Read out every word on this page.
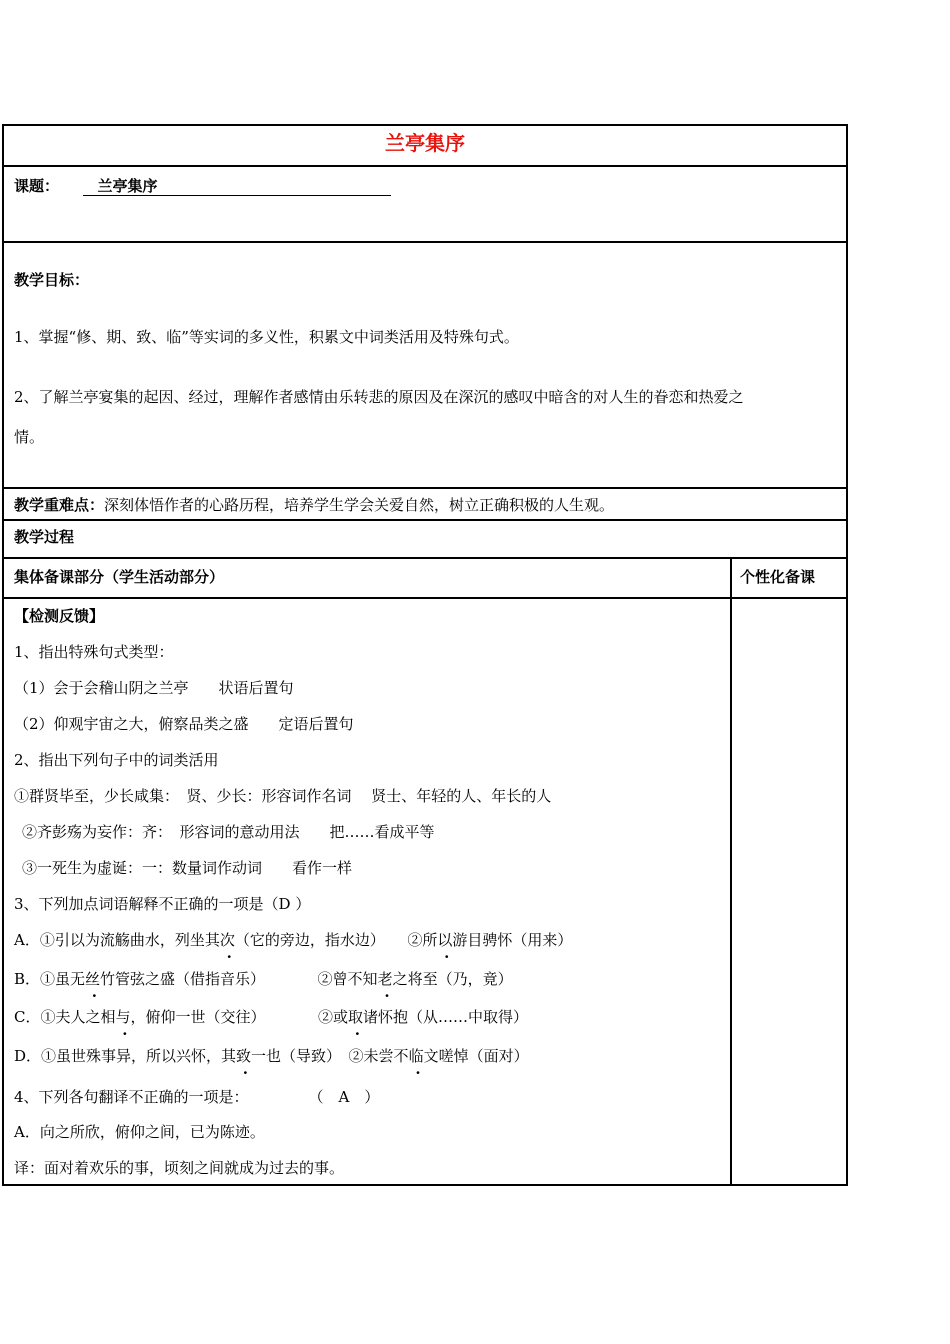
兰亭集序
课题：	兰亭集序
教学目标：
1、掌握“修、期、致、临”等实词的多义性，积累文中词类活用及特殊句式。
2、了解兰亭宴集的起因、经过，理解作者感情由乐转悲的原因及在深沉的感叹中暗含的对人生的眷恋和热爱之
情。
教学重难点：深刻体悟作者的心路历程，培养学生学会关爱自然，树立正确积极的人生观。
教学过程
集体备课部分（学生活动部分）	个性化备课
【检测反馈】
1、指出特殊句式类型：
（1）会于会稽山阴之兰亭　　状语后置句
（2）仰观宇宙之大，俯察品类之盛　　定语后置句
2、指出下列句子中的词类活用
①群贤毕至，少长咸集：　贤、少长：形容词作名词　 贤士、年轻的人、年长的人
②齐彭殇为妄作：齐：　形容词的意动用法　　把……看成平等
③一死生为虚诞：一：数量词作动词　　看作一样
3、下列加点词语解释不正确的一项是（D ）
A．①引以为流觞曲水，列坐其次（它的旁边，指水边）　　②所以游目骋怀（用来）
B．①虽无丝竹管弦之盛（借指音乐）　　　　②曾不知老之将至（乃，竟）
C．①夫人之相与，俯仰一世（交往）　　　　②或取诸怀抱（从……中取得）
D．①虽世殊事异，所以兴怀，其致一也（导致）　②未尝不临文嗟悼（面对）
4、下列各句翻译不正确的一项是：　　　　　（　A　）
A．向之所欣，俯仰之间，已为陈迹。
译：面对着欢乐的事，顷刻之间就成为过去的事。
